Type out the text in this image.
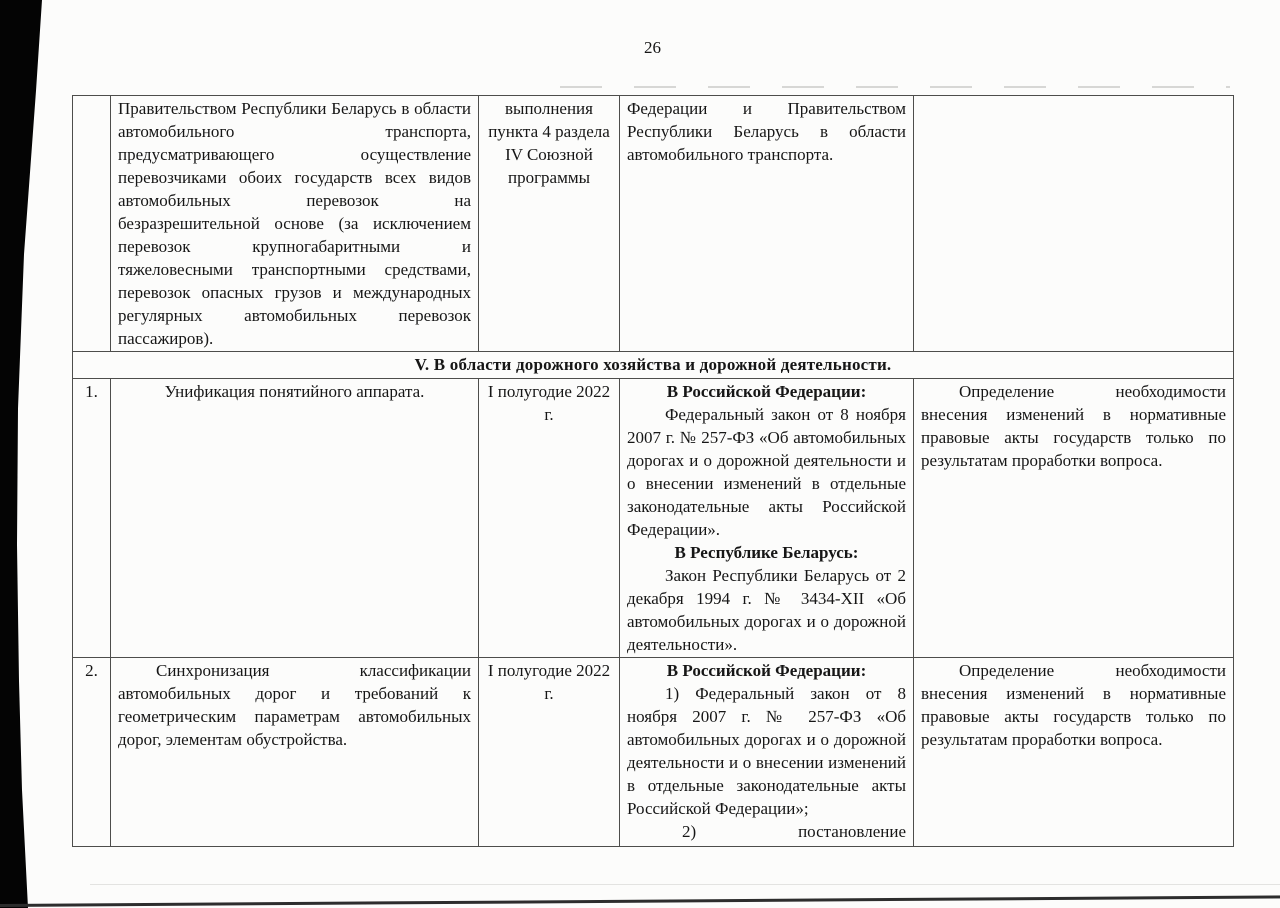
26

	Правительством Республики Беларусь в области автомобильного транспорта, предусматривающего осуществление перевозчиками обоих государств всех видов автомобильных перевозок на безразрешительной основе (за исключением перевозок крупногабаритными и тяжеловесными транспортными средствами, перевозок опасных грузов и международных регулярных автомобильных перевозок пассажиров).	выполнения пункта 4 раздела IV Союзной программы	Федерации и Правительством Республики Беларусь в области автомобильного транспорта.	

V. В области дорожного хозяйства и дорожной деятельности.				
1.	Унификация понятийного аппарата.	I полугодие 2022 г.	В Российской Федерации:

Федеральный закон от 8 ноября 2007 г. № 257-ФЗ «Об автомобильных дорогах и о дорожной деятельности и о внесении изменений в отдельные законодательные акты Российской Федерации».

В Республике Беларусь:

Закон Республики Беларусь от 2 декабря 1994 г. № 3434-XII «Об автомобильных дорогах и о дорожной деятельности».	Определение необходимости внесения изменений в нормативные правовые акты государств только по результатам проработки вопроса.

2.	Синхронизация классификации автомобильных дорог и требований к геометрическим параметрам автомобильных дорог, элементам обустройства.	I полугодие 2022 г.	В Российской Федерации:

1) Федеральный закон от 8 ноября 2007 г. № 257-ФЗ «Об автомобильных дорогах и о дорожной деятельности и о внесении изменений в отдельные законодательные акты Российской Федерации»;

2) постановление	Определение необходимости внесения изменений в нормативные правовые акты государств только по результатам проработки вопроса.
